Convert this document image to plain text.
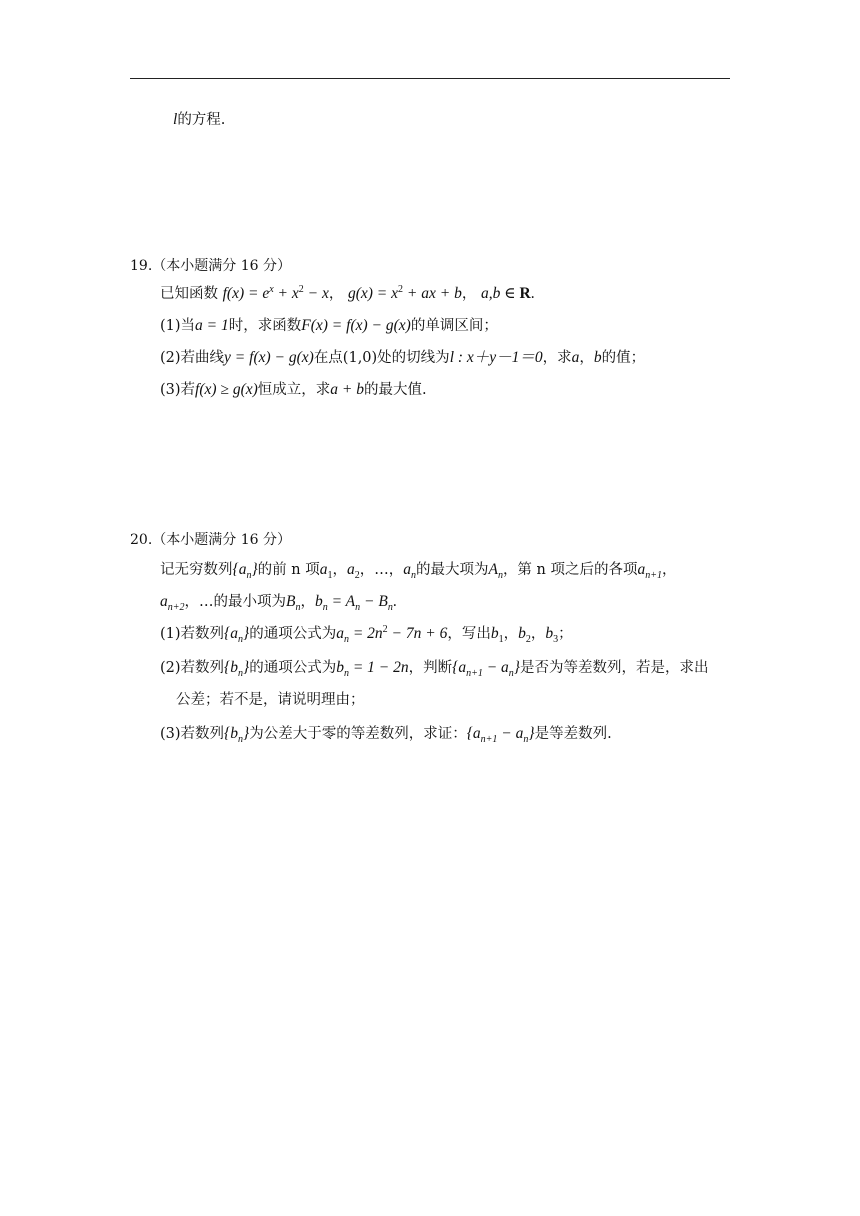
l的方程.
19.（本小题满分 16 分）
已知函数 $f(x) = e^x + x^2 - x$， $g(x) = x^2$ + ax + b， a,b ∈ R.
(1)当a = 1时，求函数F(x) = f(x) − g(x)的单调区间；
(2)若曲线y = f(x) − g(x)在点(1,0)处的切线为l : x＋y－1＝0，求a，b的值；
(3)若f(x) ≥ g(x)恒成立，求a + b的最大值.
20.（本小题满分 16 分）
记无穷数列$\{a_n\}$的前 n 项$a_1$，$a_2$，…，$a_n$的最大项为$A_n$，第 n 项之后的各项$a_{n+1}$，
$a_{n+2}$，…的最小项为$B_n$，$b_n = A_n - B_n$.
(1)若数列$\{a_n\}$的通项公式为$a_n = 2n^2 - 7n + 6$，写出$b_1$，$b_2$，$b_3$；
(2)若数列$\{b_n\}$的通项公式为$b_n = 1 - 2n$，判断$\{a_{n+1} - a_n\}$是否为等差数列，若是，求出
公差；若不是，请说明理由；
(3)若数列$\{b_n\}$为公差大于零的等差数列，求证：$\{a_{n+1} - a_n\}$是等差数列.
